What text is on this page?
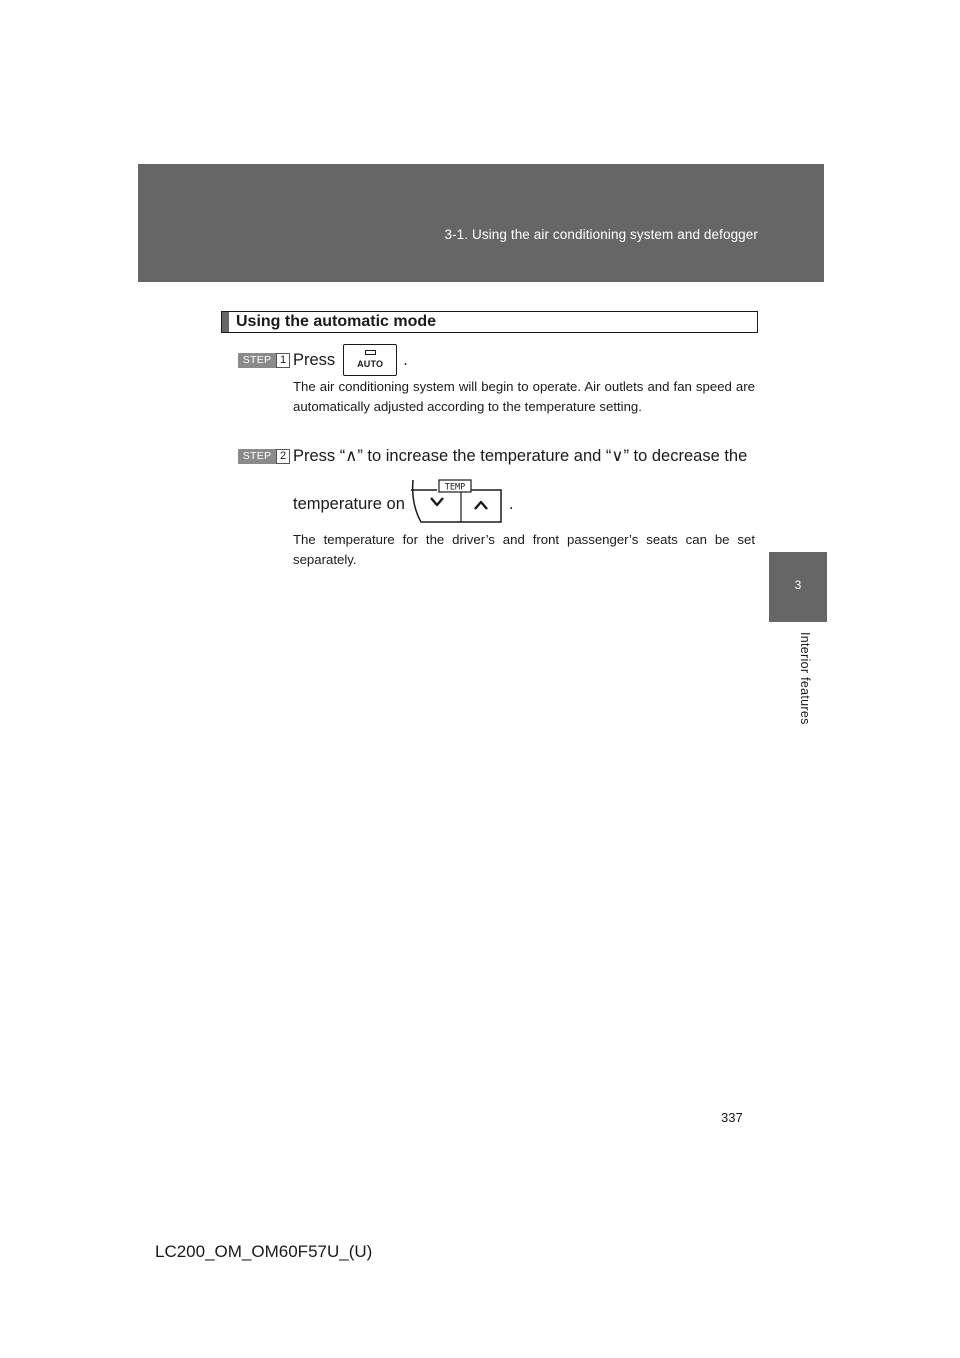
3-1. Using the air conditioning system and defogger
3
Interior features
Using the automatic mode
STEP 1 Press	AUTO	.
The air conditioning system will begin to operate. Air outlets and fan speed are automatically adjusted according to the temperature setting.
STEP 2 Press “∧” to increase the temperature and “∨” to decrease the
temperature on
TEMP
.
The temperature for the driver’s and front passenger’s seats can be set separately.
337
LC200_OM_OM60F57U_(U)
